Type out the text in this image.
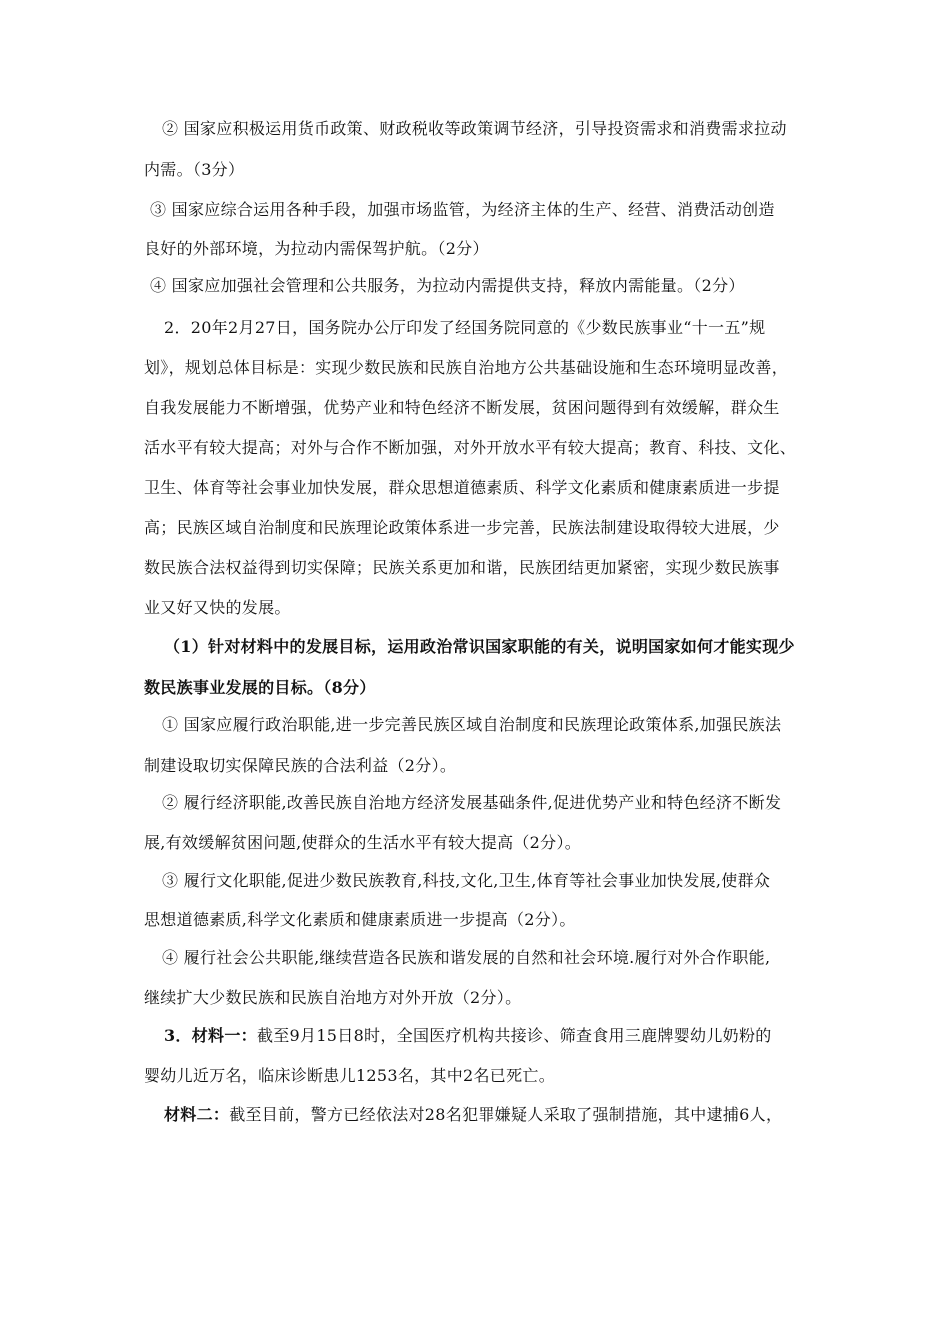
② 国家应积极运用货币政策、财政税收等政策调节经济，引导投资需求和消费需求拉动
内需。（3分）
③ 国家应综合运用各种手段，加强市场监管，为经济主体的生产、经营、消费活动创造
良好的外部环境，为拉动内需保驾护航。（2分）
④ 国家应加强社会管理和公共服务，为拉动内需提供支持，释放内需能量。（2分）
2．20年2月27日，国务院办公厅印发了经国务院同意的《少数民族事业“十一五”规
划》，规划总体目标是：实现少数民族和民族自治地方公共基础设施和生态环境明显改善，
自我发展能力不断增强，优势产业和特色经济不断发展，贫困问题得到有效缓解，群众生
活水平有较大提高；对外与合作不断加强，对外开放水平有较大提高；教育、科技、文化、
卫生、体育等社会事业加快发展，群众思想道德素质、科学文化素质和健康素质进一步提
高；民族区域自治制度和民族理论政策体系进一步完善，民族法制建设取得较大进展，少
数民族合法权益得到切实保障；民族关系更加和谐，民族团结更加紧密，实现少数民族事
业又好又快的发展。
（1）针对材料中的发展目标，运用政治常识国家职能的有关，说明国家如何才能实现少
数民族事业发展的目标。（8分）
① 国家应履行政治职能,进一步完善民族区域自治制度和民族理论政策体系,加强民族法
制建设取切实保障民族的合法利益（2分）。
② 履行经济职能,改善民族自治地方经济发展基础条件,促进优势产业和特色经济不断发
展,有效缓解贫困问题,使群众的生活水平有较大提高（2分）。
③ 履行文化职能,促进少数民族教育,科技,文化,卫生,体育等社会事业加快发展,使群众
思想道德素质,科学文化素质和健康素质进一步提高（2分）。
④ 履行社会公共职能,继续营造各民族和谐发展的自然和社会环境.履行对外合作职能,
继续扩大少数民族和民族自治地方对外开放（2分）。
3．材料一：截至9月15日8时，全国医疗机构共接诊、筛查食用三鹿牌婴幼儿奶粉的
婴幼儿近万名，临床诊断患儿1253名，其中2名已死亡。
材料二：截至目前，警方已经依法对28名犯罪嫌疑人采取了强制措施，其中逮捕6人，
